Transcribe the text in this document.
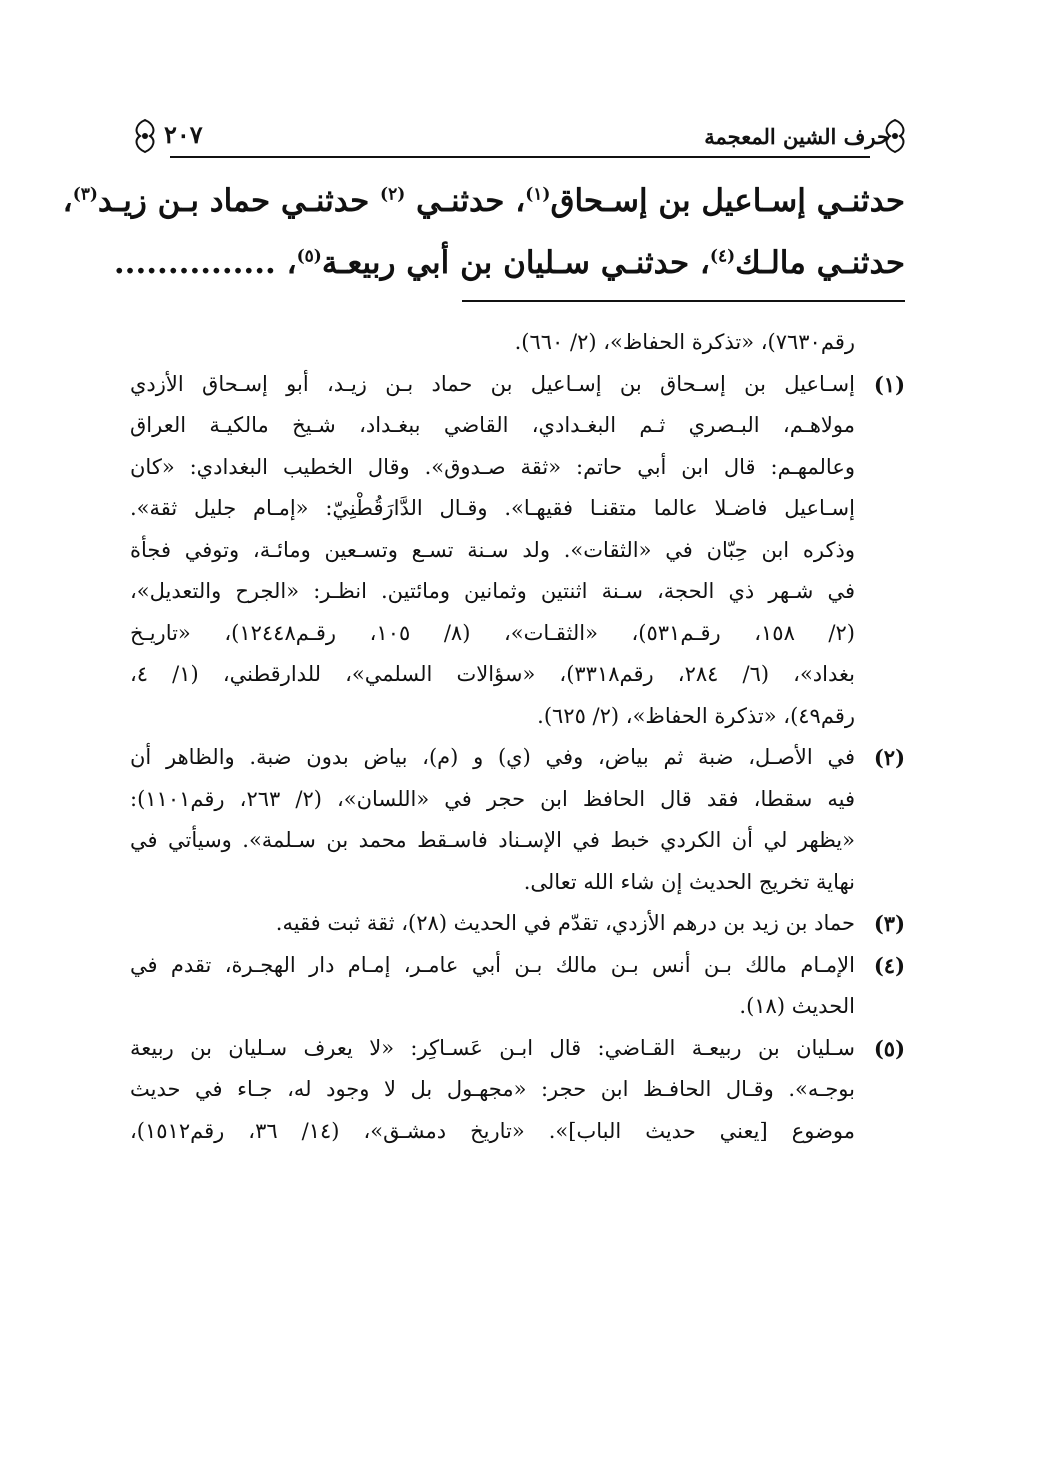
حرف الشين المعجمة
٢٠٧
حدثنـي إسـاعيل بن إسـحاق$^{(١)}$، حدثنـي $^{(٢)}$ حدثنـي حماد بـن زيـد$^{(٣)}$،
حدثنـي مالـك$^{(٤)}$، حدثنـي سـليان بن أبي ربيعـة$^{(٥)}$، ...............
رقم٧٦٣٠)، «تذكرة الحفاظ»، (٢/ ٦٦٠).
(١)
إسـاعيل بن إسـحاق بن إسـاعيل بن حماد بـن زيـد، أبو إسـحاق الأزدي
مولاهـم، البـصري ثـم البغـدادي، القاضي ببغـداد، شـيخ مالكيـة العراق
وعالمهـم: قال ابن أبي حاتم: «ثقة صـدوق». وقال الخطيب البغدادي: «كان
إسـاعيل فاضـلا عالما متقنـا فقيهـا». وقـال الدَّارَقُطْنِيّ: «إمـام جليل ثقة».
وذكره ابن حِبّان في «الثقات». ولد سـنة تسـع وتسـعين ومائـة، وتوفي فجأة
في شـهر ذي الحجة، سـنة اثنتين وثمانين ومائتين. انظـر: «الجرح والتعديل»،
(٢/ ١٥٨، رقـم٥٣١)، «الثقـات»، (٨/ ١٠٥، رقـم١٢٤٤٨)، «تاريـخ
بغداد»، (٦/ ٢٨٤، رقم٣٣١٨)، «سؤالات السلمي»، للدارقطني، (١/ ٤،
رقم٤٩)، «تذكرة الحفاظ»، (٢/ ٦٢٥).
(٢)
في الأصـل، ضبة ثم بياض، وفي (ي) و (م)، بياض بدون ضبة. والظاهر أن
فيه سقطا، فقد قال الحافظ ابن حجر في «اللسان»، (٢/ ٢٦٣، رقم١١٠١):
«يظهر لي أن الكردي خبط في الإسـناد فاسـقط محمد بن سـلمة». وسيأتي في
نهاية تخريج الحديث إن شاء الله تعالى.
(٣)
حماد بن زيد بن درهم الأزدي، تقدّم في الحديث (٢٨)، ثقة ثبت فقيه.
(٤)
الإمـام مالك بـن أنس بـن مالك بـن أبي عامـر، إمـام دار الهجـرة، تقدم في
الحديث (١٨).
(٥)
سـليان بن ربيعـة القـاضي: قال ابـن عَسـاكِر: «لا يعرف سـليان بن ربيعة
بوجـه». وقـال الحافـظ ابن حجر: «مجهـول بل لا وجود له، جـاء في حديث
موضوع [يعني حديث الباب]». «تاريخ دمشـق»، (١٤/ ٣٦، رقم١٥١٢)،
